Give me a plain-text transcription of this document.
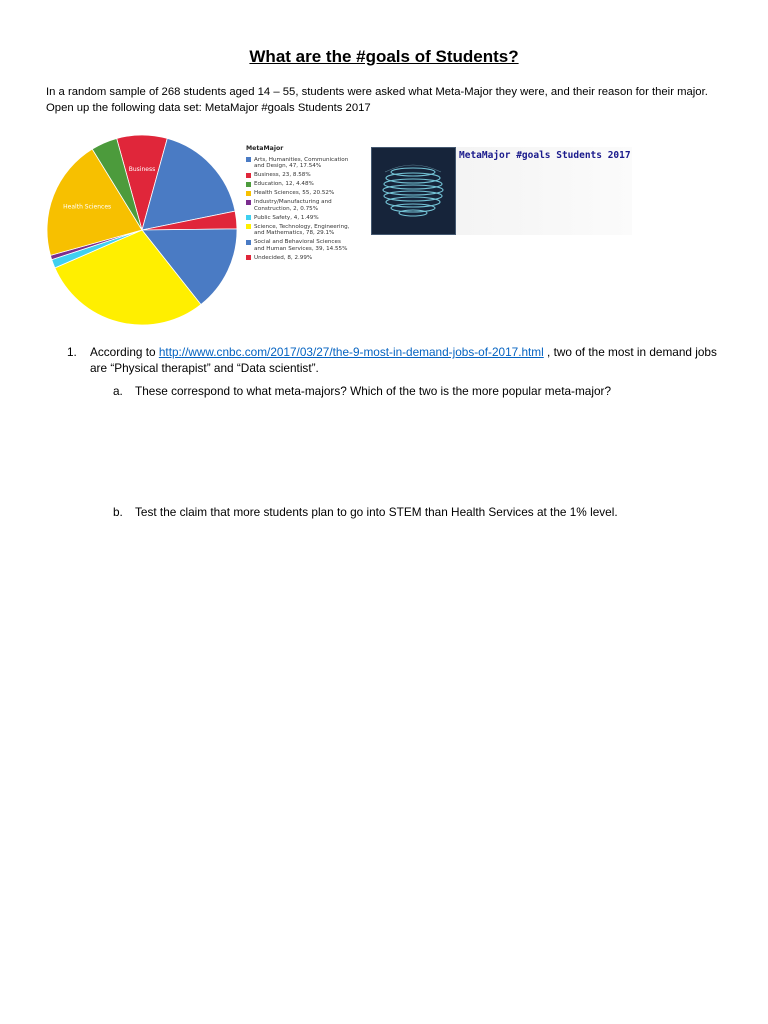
What are the #goals of Students?
In a random sample of 268 students aged 14 – 55, students were asked what Meta-Major they were, and their reason for their major. Open up the following data set: MetaMajor #goals Students 2017
Business
Health Sciences
MetaMajor
Arts, Humanities, Communication and Design, 47, 17.54%
Business, 23, 8.58%
Education, 12, 4.48%
Health Sciences, 55, 20.52%
Industry/Manufacturing and Construction, 2, 0.75%
Public Safety, 4, 1.49%
Science, Technology, Engineering, and Mathematics, 78, 29.1%
Social and Behavioral Sciences and Human Services, 39, 14.55%
Undecided, 8, 2.99%
MetaMajor #goals Students 2017
1. According to http://www.cnbc.com/2017/03/27/the-9-most-in-demand-jobs-of-2017.html , two of the most in demand jobs are “Physical therapist” and “Data scientist”.
a. These correspond to what meta-majors? Which of the two is the more popular meta-major?
b. Test the claim that more students plan to go into STEM than Health Services at the 1% level.
